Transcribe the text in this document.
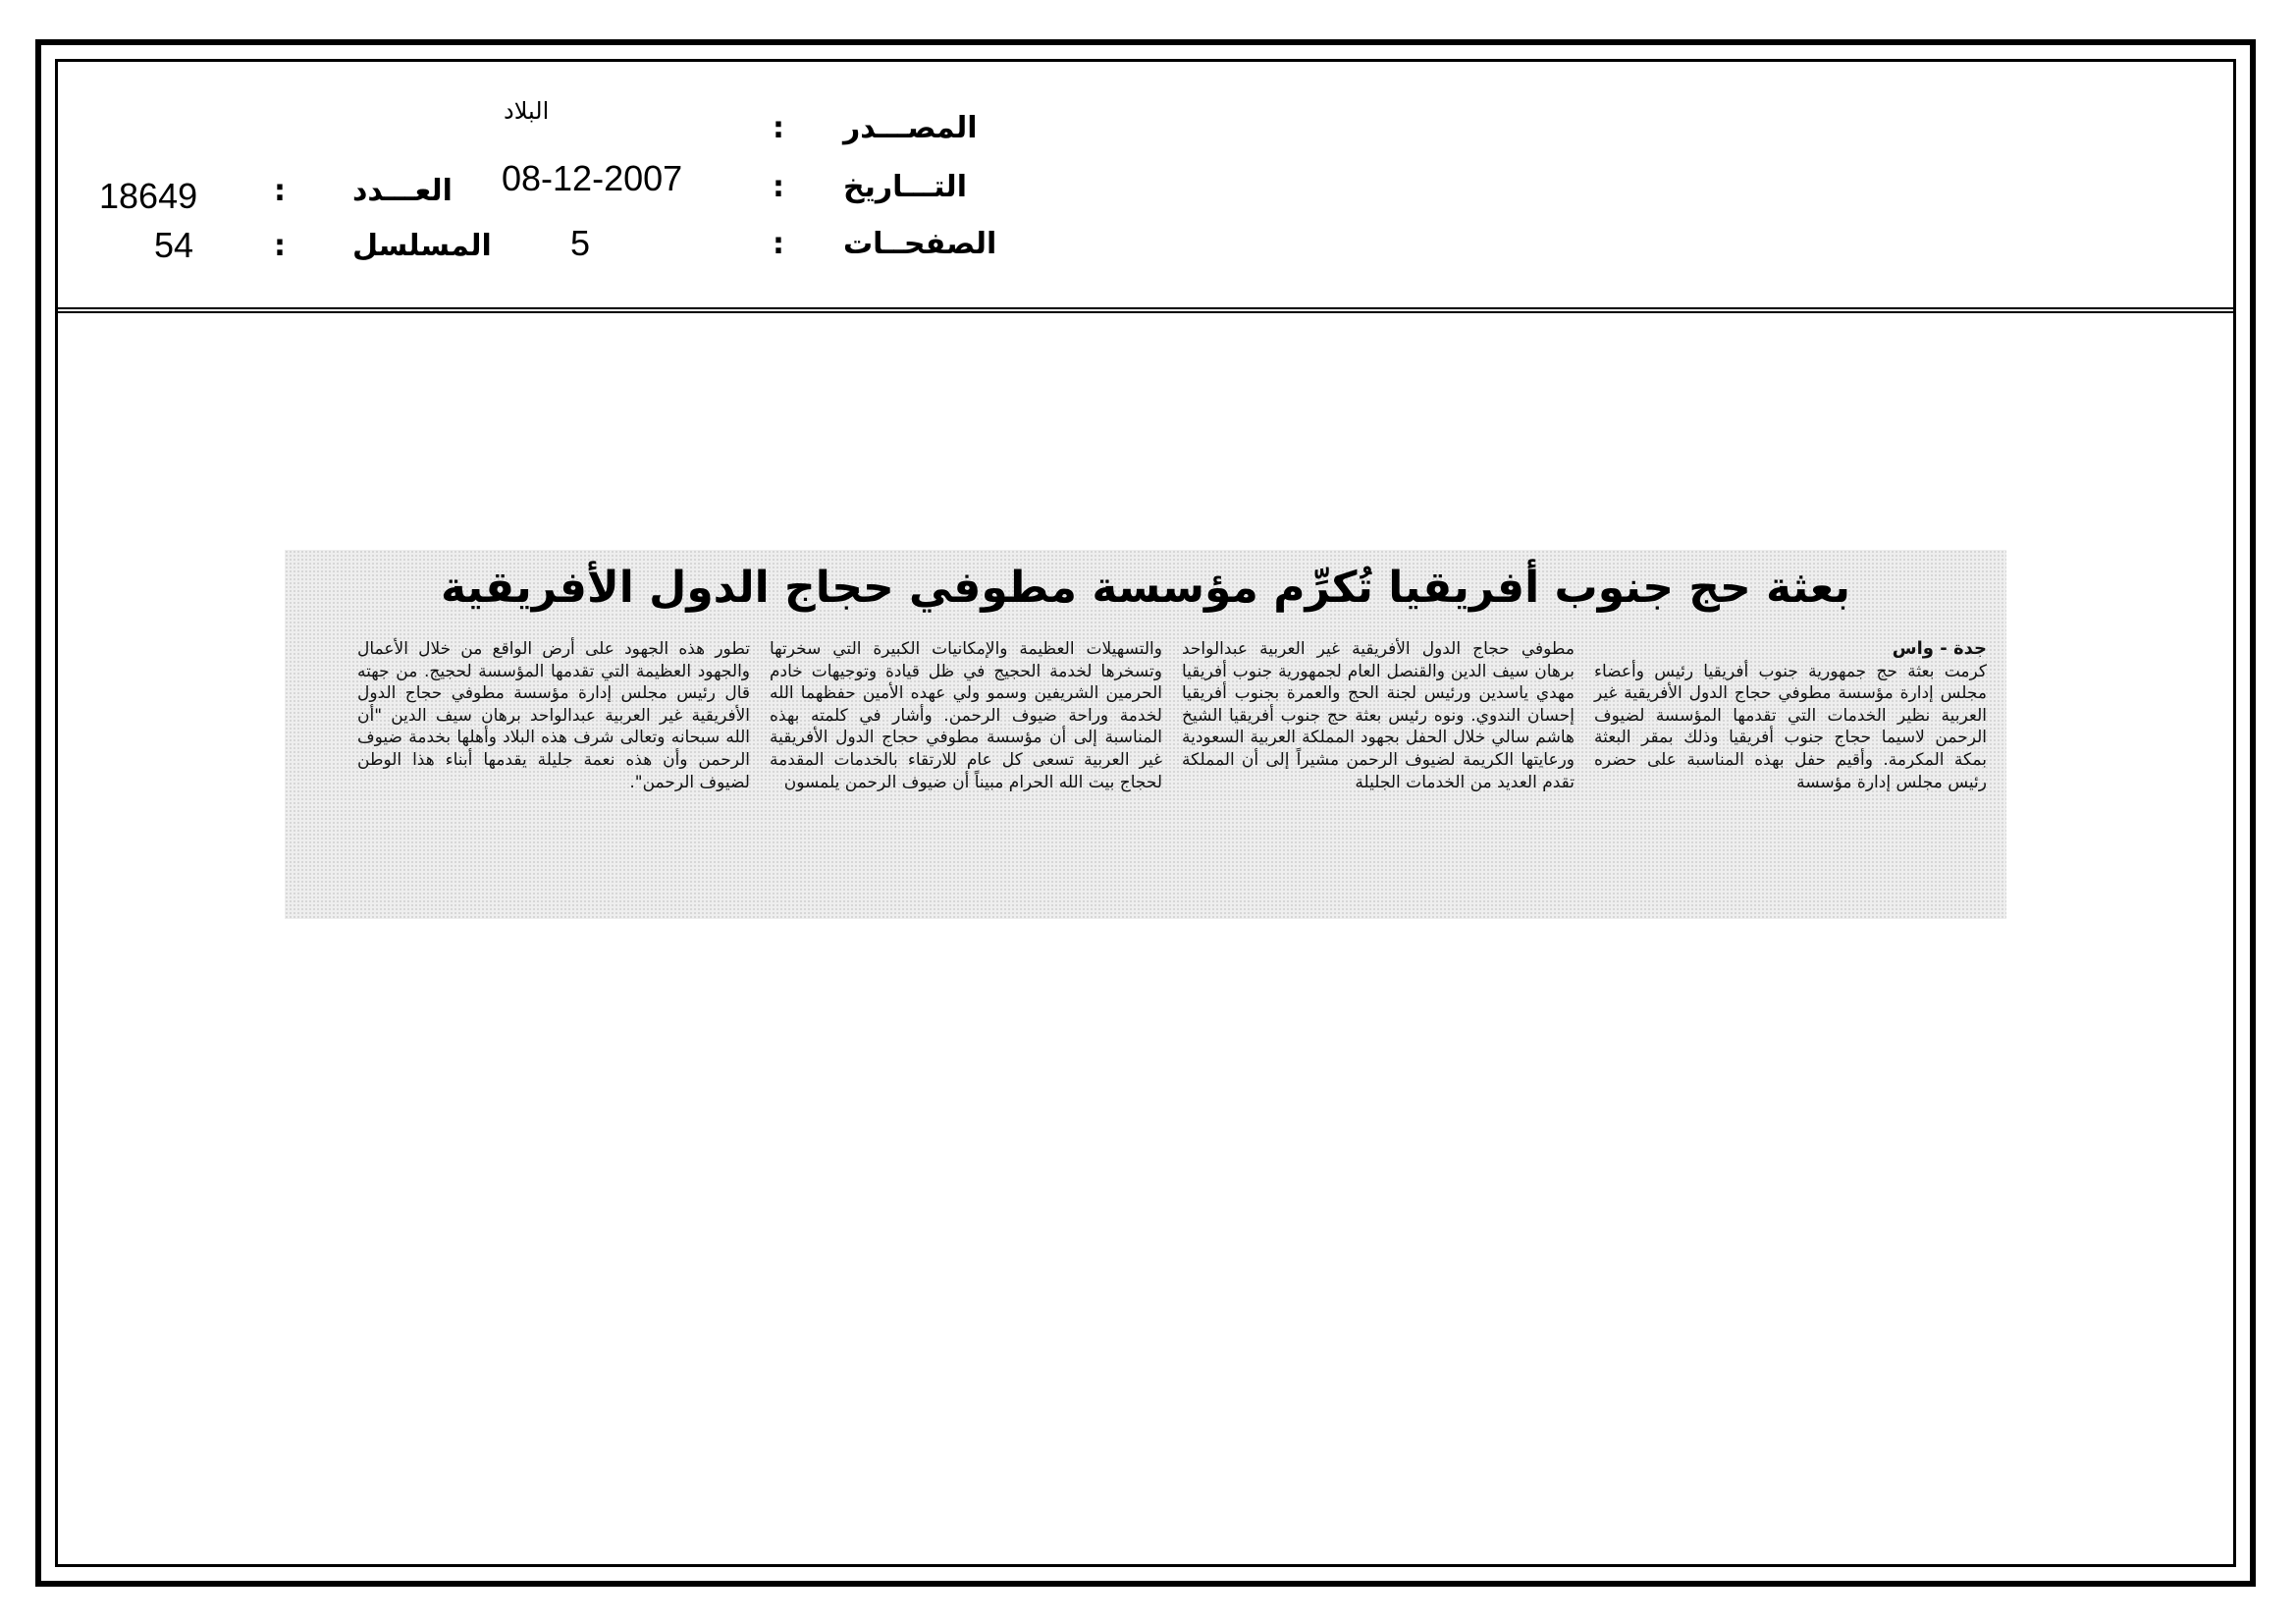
المصـــدر
:
التـــاريخ
:
الصفحــات
:
البلاد
08-12-2007
5
العـــدد
:
المسلسل
:
18649
54
بعثة حج جنوب أفريقيا تُكرِّم مؤسسة مطوفي حجاج الدول الأفريقية

جدة - واس

كرمت بعثة حج جمهورية جنوب أفريقيا رئيس وأعضاء مجلس إدارة مؤسسة مطوفي حجاج الدول الأفريقية غير العربية نظير الخدمات التي تقدمها المؤسسة لضيوف الرحمن لاسيما حجاج جنوب أفريقيا وذلك بمقر البعثة بمكة المكرمة. وأقيم حفل بهذه المناسبة على حضره رئيس مجلس إدارة مؤسسة

مطوفي حجاج الدول الأفريقية غير العربية عبدالواحد برهان سيف الدين والقنصل العام لجمهورية جنوب أفريقيا مهدي ياسدين ورئيس لجنة الحج والعمرة بجنوب أفريقيا إحسان الندوي. ونوه رئيس بعثة حج جنوب أفريقيا الشيخ هاشم سالي خلال الحفل بجهود المملكة العربية السعودية ورعايتها الكريمة لضيوف الرحمن مشيراً إلى أن المملكة تقدم العديد من الخدمات الجليلة

والتسهيلات العظيمة والإمكانيات الكبيرة التي سخرتها وتسخرها لخدمة الحجيج في ظل قيادة وتوجيهات خادم الحرمين الشريفين وسمو ولي عهده الأمين حفظهما الله لخدمة وراحة ضيوف الرحمن. وأشار في كلمته بهذه المناسبة إلى أن مؤسسة مطوفي حجاج الدول الأفريقية غير العربية تسعى كل عام للارتقاء بالخدمات المقدمة لحجاج بيت الله الحرام مبيناً أن ضيوف الرحمن يلمسون

تطور هذه الجهود على أرض الواقع من خلال الأعمال والجهود العظيمة التي تقدمها المؤسسة لحجيج. من جهته قال رئيس مجلس إدارة مؤسسة مطوفي حجاج الدول الأفريقية غير العربية عبدالواحد برهان سيف الدين "أن الله سبحانه وتعالى شرف هذه البلاد وأهلها بخدمة ضيوف الرحمن وأن هذه نعمة جليلة يقدمها أبناء هذا الوطن لضيوف الرحمن".
